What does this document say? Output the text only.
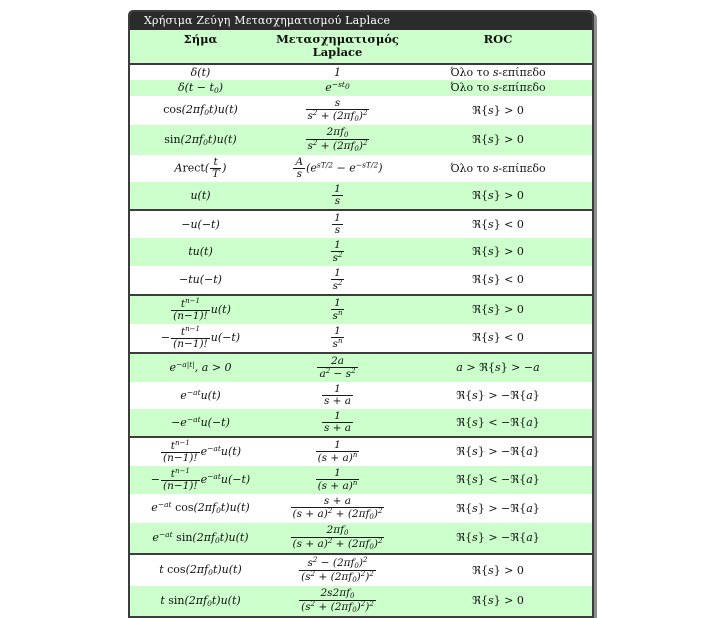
Χρήσιμα Ζεύγη Μετασχηματισμού Laplace
Σήμα	Μετασχηματισμός Laplace	ROC
δ(t)	1	Όλο το s-επίπεδο
$\delta(t - t_0)$	$e^{-st_0}$	Όλο το s-επίπεδο
$\cos(2\pi f_0t)u(t)$	$\frac{s}{s^2 + (2\pi f_0)^2}$	ℜ{s} > 0
$\sin(2\pi f_0t)u(t)$	$\frac{2\pi f_0}{s^2 + (2\pi f_0)^2}$	ℜ{s} > 0
Arect( $\frac{t}{T}$ )	$\frac{A}{s} (e^{sT/2} - e^{-sT/2})$	Όλο το s-επίπεδο
u(t)	$\frac{1}{s}$	ℜ{s} > 0
−u(−t)	$\frac{1}{s}$	ℜ{s} < 0
tu(t)	$\frac{1}{s^2}$	ℜ{s} > 0
−tu(−t)	$\frac{1}{s^2}$	ℜ{s} < 0

$\frac{t^{n-1}}{(n-1)!} u(t)$	$\frac{1}{s^n}$	ℜ{s} > 0
− $\frac{t^{n-1}}{(n-1)!} u(-t)$	$\frac{1}{s^n}$	ℜ{s} < 0
$e^{-a|t|}$, a > 0	$\frac{2a}{a^2 - s^2}$	a > ℜ{s} > −a
$e^{-at}u(t)$	$\frac{1}{s + a}$	ℜ{s} > −ℜ{a}
$-e^{-at}u(-t)$	$\frac{1}{s + a}$	ℜ{s} < −ℜ{a}

$\frac{t^{n-1}}{(n-1)!} e^{-at}u(t)$	$\frac{1}{(s + a)^n}$	ℜ{s} > −ℜ{a}
− $\frac{t^{n-1}}{(n-1)!} e^{-at}u(-t)$	$\frac{1}{(s + a)^n}$	ℜ{s} < −ℜ{a}
$e^{-at}$ $\cos(2\pi f_0t)u(t)$	$\frac{s + a}{(s + a)^2 + (2\pi f_0)^2}$	ℜ{s} > −ℜ{a}
$e^{-at}$ $\sin(2\pi f_0t)u(t)$	$\frac{2\pi f_0}{(s + a)^2 + (2\pi f_0)^2}$	ℜ{s} > −ℜ{a}
t $\cos(2\pi f_0t)u(t)$	$\frac{s^2 - (2\pi f_0)^2}{(s^2 + (2\pi f_0)^2)^2}$	ℜ{s} > 0
t $\sin(2\pi f_0t)u(t)$	$\frac{2s2\pi f_0}{(s^2 + (2\pi f_0)^2)^2}$	ℜ{s} > 0
